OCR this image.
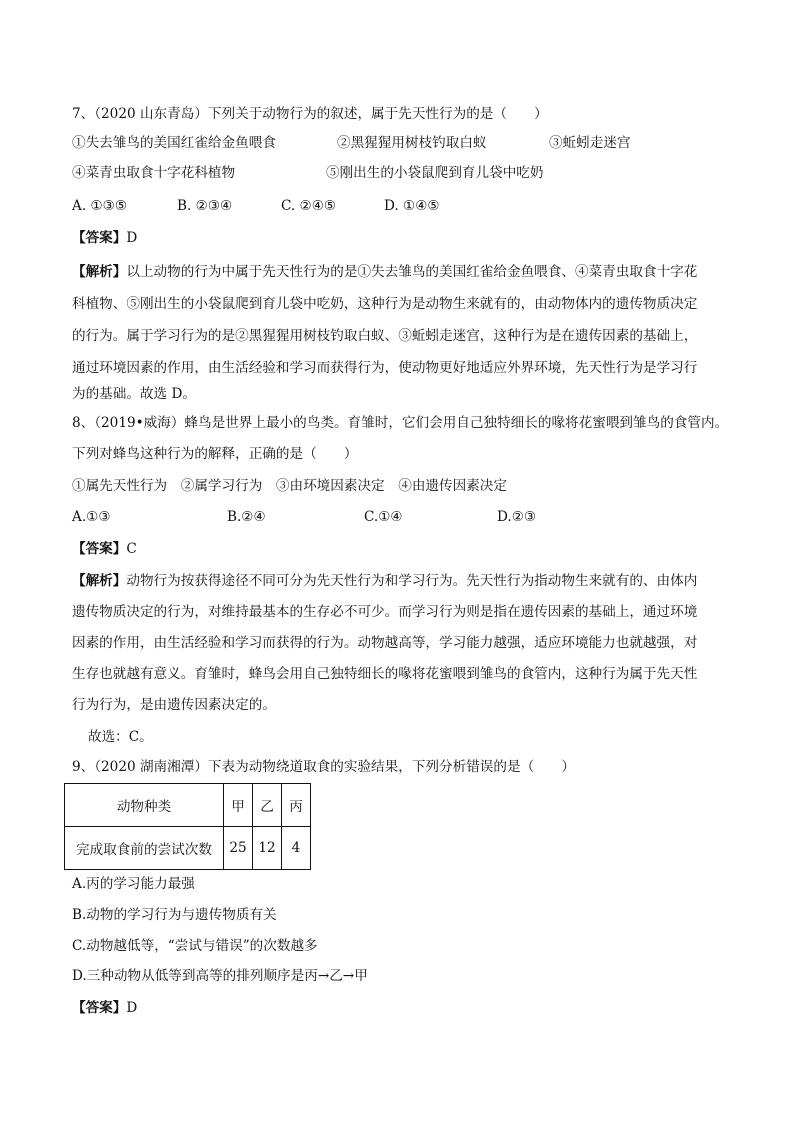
7、（2020 山东青岛）下列关于动物行为的叙述，属于先天性行为的是（　　）
①失去雏鸟的美国红雀给金鱼喂食	②黑猩猩用树枝钓取白蚁	③蚯蚓走迷宫
④菜青虫取食十字花科植物	⑤刚出生的小袋鼠爬到育儿袋中吃奶
A. ①③⑤	B. ②③④	C. ②④⑤	D. ①④⑤
【答案】D
【解析】以上动物的行为中属于先天性行为的是①失去雏鸟的美国红雀给金鱼喂食、④菜青虫取食十字花
科植物、⑤刚出生的小袋鼠爬到育儿袋中吃奶，这种行为是动物生来就有的，由动物体内的遗传物质决定
的行为。属于学习行为的是②黑猩猩用树枝钓取白蚁、③蚯蚓走迷宫，这种行为是在遗传因素的基础上，
通过环境因素的作用，由生活经验和学习而获得行为，使动物更好地适应外界环境，先天性行为是学习行
为的基础。故选 D。
8、（2019•威海）蜂鸟是世界上最小的鸟类。育雏时，它们会用自己独特细长的喙将花蜜喂到雏鸟的食管内。
下列对蜂鸟这种行为的解释，正确的是（　　）
①属先天性行为　②属学习行为　③由环境因素决定　④由遗传因素决定
A.①③	B.②④	C.①④	D.②③
【答案】C
【解析】动物行为按获得途径不同可分为先天性行为和学习行为。先天性行为指动物生来就有的、由体内
遗传物质决定的行为，对维持最基本的生存必不可少。而学习行为则是指在遗传因素的基础上，通过环境
因素的作用，由生活经验和学习而获得的行为。动物越高等，学习能力越强，适应环境能力也就越强，对
生存也就越有意义。育雏时，蜂鸟会用自己独特细长的喙将花蜜喂到雏鸟的食管内，这种行为属于先天性
行为行为，是由遗传因素决定的。
故选：C。
9、（2020 湖南湘潭）下表为动物绕道取食的实验结果，下列分析错误的是（　　）
动物种类	甲	乙	丙
完成取食前的尝试次数	25	12	4
A.丙的学习能力最强
B.动物的学习行为与遗传物质有关
C.动物越低等，“尝试与错误”的次数越多
D.三种动物从低等到高等的排列顺序是丙→乙→甲
【答案】D
